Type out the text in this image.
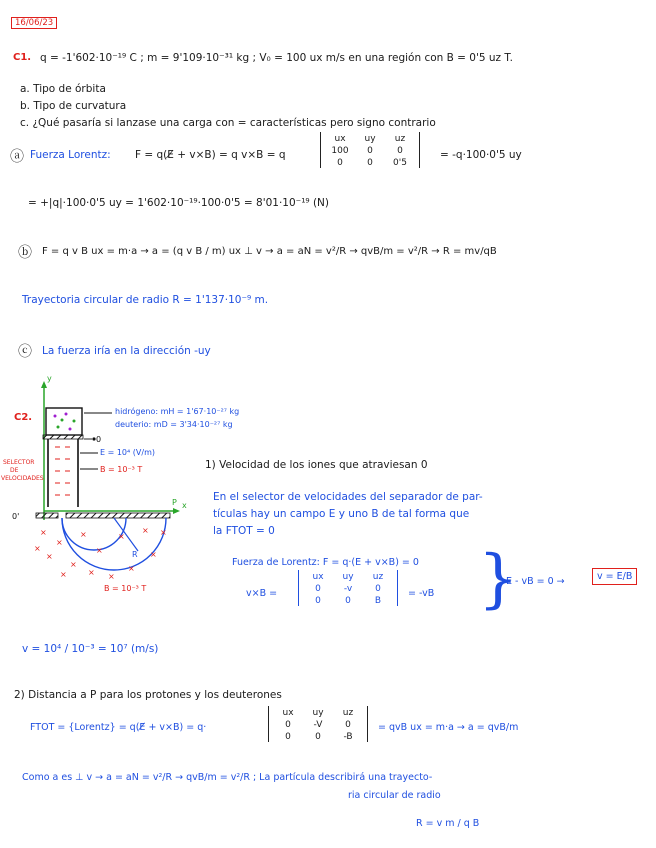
16/06/23
C1. q = -1'602·10⁻¹⁹ C ; m = 9'109·10⁻³¹ kg ; V₀ = 100 ux m/s en una región con B = 0'5 uz T.
a. Tipo de órbita
b. Tipo de curvatura
c. ¿Qué pasaría si lanzase una carga con = características pero signo contrario
ⓐ Fuerza Lorentz: F = q(E̸ + v×B) = q v×B = q
ux	uy	uz
100	0	0
0	0	0'5
= -q·100·0'5 uy
= +|q|·100·0'5 uy = 1'602·10⁻¹⁹·100·0'5 = 8'01·10⁻¹⁹ (N)
ⓑ F = q v B ux = m·a → a = (q v B / m) ux ⊥ v → a = aN = v²/R → qvB/m = v²/R → R = mv/qB
Trayectoria circular de radio R = 1'137·10⁻⁹ m.
ⓒ La fuerza iría en la dirección -uy
C2.
×
×
×
×
× ×
×
×
×
×
×
×
×
×
×
y
x
P
0
0'
R
E = 10⁴ (V/m)
B = 10⁻³ T
B = 10⁻³ T
SELECTOR
DE
VELOCIDADES
hidrógeno: mH = 1'67·10⁻²⁷ kg
deuterio: mD = 3'34·10⁻²⁷ kg
1) Velocidad de los iones que atraviesan 0
En el selector de velocidades del separador de par-
tículas hay un campo E y uno B de tal forma que
la FTOT = 0
Fuerza de Lorentz: F = q·(E + v×B) = 0
v×B =
ux	uy	uz
0	-v	0
0	0	B
= -vB }
E - vB = 0 →	v = E/B
v = 10⁴ / 10⁻³ = 10⁷ (m/s)
2) Distancia a P para los protones y los deuterones
FTOT = {Lorentz} = q(E̸ + v×B) = q·
ux	uy	uz
0	-V	0
0	0	-B
= qvB ux = m·a → a = qvB/m
Como a es ⊥ v → a = aN = v²/R → qvB/m = v²/R ; La partícula describirá una trayecto-
ria circular de radio
R = v m / q B
